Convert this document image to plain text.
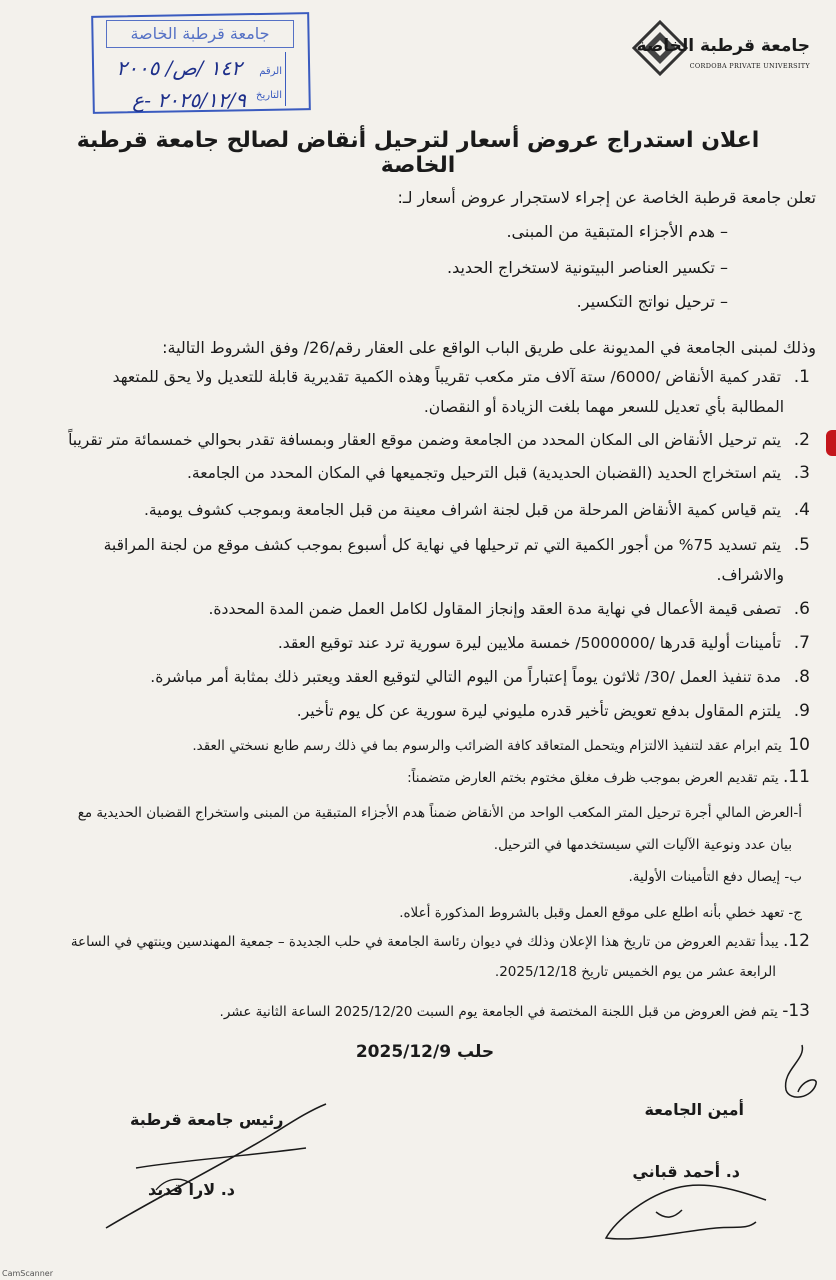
جامعة قرطبة الخاصة
CORDOBA PRIVATE UNIVERSITY
جامعة قرطبة الخاصة
الرقم
التاريخ
١٤٢ /ص/ ٢٠٠٥
٢٠٢٥/١٢/٩ -ع
اعلان استدراج عروض أسعار لترحيل أنقاض لصالح جامعة قرطبة الخاصة
تعلن جامعة قرطبة الخاصة عن إجراء لاستجرار عروض أسعار لـ:
– هدم الأجزاء المتبقية من المبنى.
– تكسير العناصر البيتونية لاستخراج الحديد.
– ترحيل نواتج التكسير.
وذلك لمبنى الجامعة في المديونة على طريق الباب الواقع على العقار رقم/26/ وفق الشروط التالية:
1. تقدر كمية الأنقاض /6000/ ستة آلاف متر مكعب تقريباً وهذه الكمية تقديرية قابلة للتعديل ولا يحق للمتعهد
المطالبة بأي تعديل للسعر مهما بلغت الزيادة أو النقصان.
2. يتم ترحيل الأنقاض الى المكان المحدد من الجامعة وضمن موقع العقار وبمسافة تقدر بحوالي خمسمائة متر تقريباً
3. يتم استخراج الحديد (القضبان الحديدية) قبل الترحيل وتجميعها في المكان المحدد من الجامعة.
4. يتم قياس كمية الأنقاض المرحلة من قبل لجنة اشراف معينة من قبل الجامعة وبموجب كشوف يومية.
5. يتم تسديد 75% من أجور الكمية التي تم ترحيلها في نهاية كل أسبوع بموجب كشف موقع من لجنة المراقبة
والاشراف.
6. تصفى قيمة الأعمال في نهاية مدة العقد وإنجاز المقاول لكامل العمل ضمن المدة المحددة.
7. تأمينات أولية قدرها /5000000/ خمسة ملايين ليرة سورية ترد عند توقيع العقد.
8. مدة تنفيذ العمل /30/ ثلاثون يوماً إعتباراً من اليوم التالي لتوقيع العقد ويعتبر ذلك بمثابة أمر مباشرة.
9. يلتزم المقاول بدفع تعويض تأخير قدره مليوني ليرة سورية عن كل يوم تأخير.
10 يتم ابرام عقد لتنفيذ الالتزام ويتحمل المتعاقد كافة الضرائب والرسوم بما في ذلك رسم طابع نسختي العقد.
11. يتم تقديم العرض بموجب ظرف مغلق مختوم بختم العارض متضمناً:
أ-العرض المالي أجرة ترحيل المتر المكعب الواحد من الأنقاض ضمناً هدم الأجزاء المتبقية من المبنى واستخراج القضبان الحديدية مع
بيان عدد ونوعية الآليات التي سيستخدمها في الترحيل.
ب- إيصال دفع التأمينات الأولية.
ج- تعهد خطي بأنه اطلع على موقع العمل وقبل بالشروط المذكورة أعلاه.
12. يبدأ تقديم العروض من تاريخ هذا الإعلان وذلك في ديوان رئاسة الجامعة في حلب الجديدة – جمعية المهندسين وينتهي في الساعة
الرابعة عشر من يوم الخميس تاريخ 2025/12/18.
13- يتم فض العروض من قبل اللجنة المختصة في الجامعة يوم السبت 2025/12/20 الساعة الثانية عشر.
حلب 2025/12/9
أمين الجامعة
د. أحمد قباني
رئيس جامعة قرطبة
د. لارا قديد
CamScanner
